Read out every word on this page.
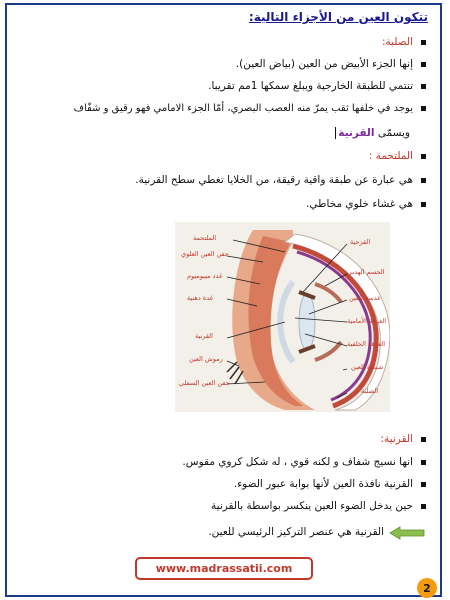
تتكون العين من الأجزاء التالية:
الصلبة:
إنها الجزء الأبيض من العين (بياض العين).
تنتمي للطبقة الخارجية ويبلغ سمكها 1مم تقريبا.
يوجد في خلفها ثقب يمرّ منه العصب البصري، أمّا الجزء الامامي فهو رقيق و شفّاف
ويسمّى القرنية
الملتحمة :
هي عبارة عن طبقة واقية رقيقة، من الخلايا تغطي سطح القرنية.
هي غشاء خلوي مخاطي.
الملتحمة
جفن العين العلوي
غدد ميبوميوم
غدة دهنية
القرنية
رموش العين
جفن العين السفلي
القزحية
الجسم الهدبي
عدسة العين
الغرفة الأمامية
الغرفة الخلفية
شبكية العين
الصلبة
القرنية:
انها نسيج شفاف و لكنه قوي ، له شكل كروي مقوس.
القرنية نافذة العين لأنها بوابة عبور الضوء.
حين يدخل الضوء العين ينكسر بواسطة بالقرنية
القرنية هي عنصر التركيز الرئيسي للعين.
www.madrassatii.com
2
